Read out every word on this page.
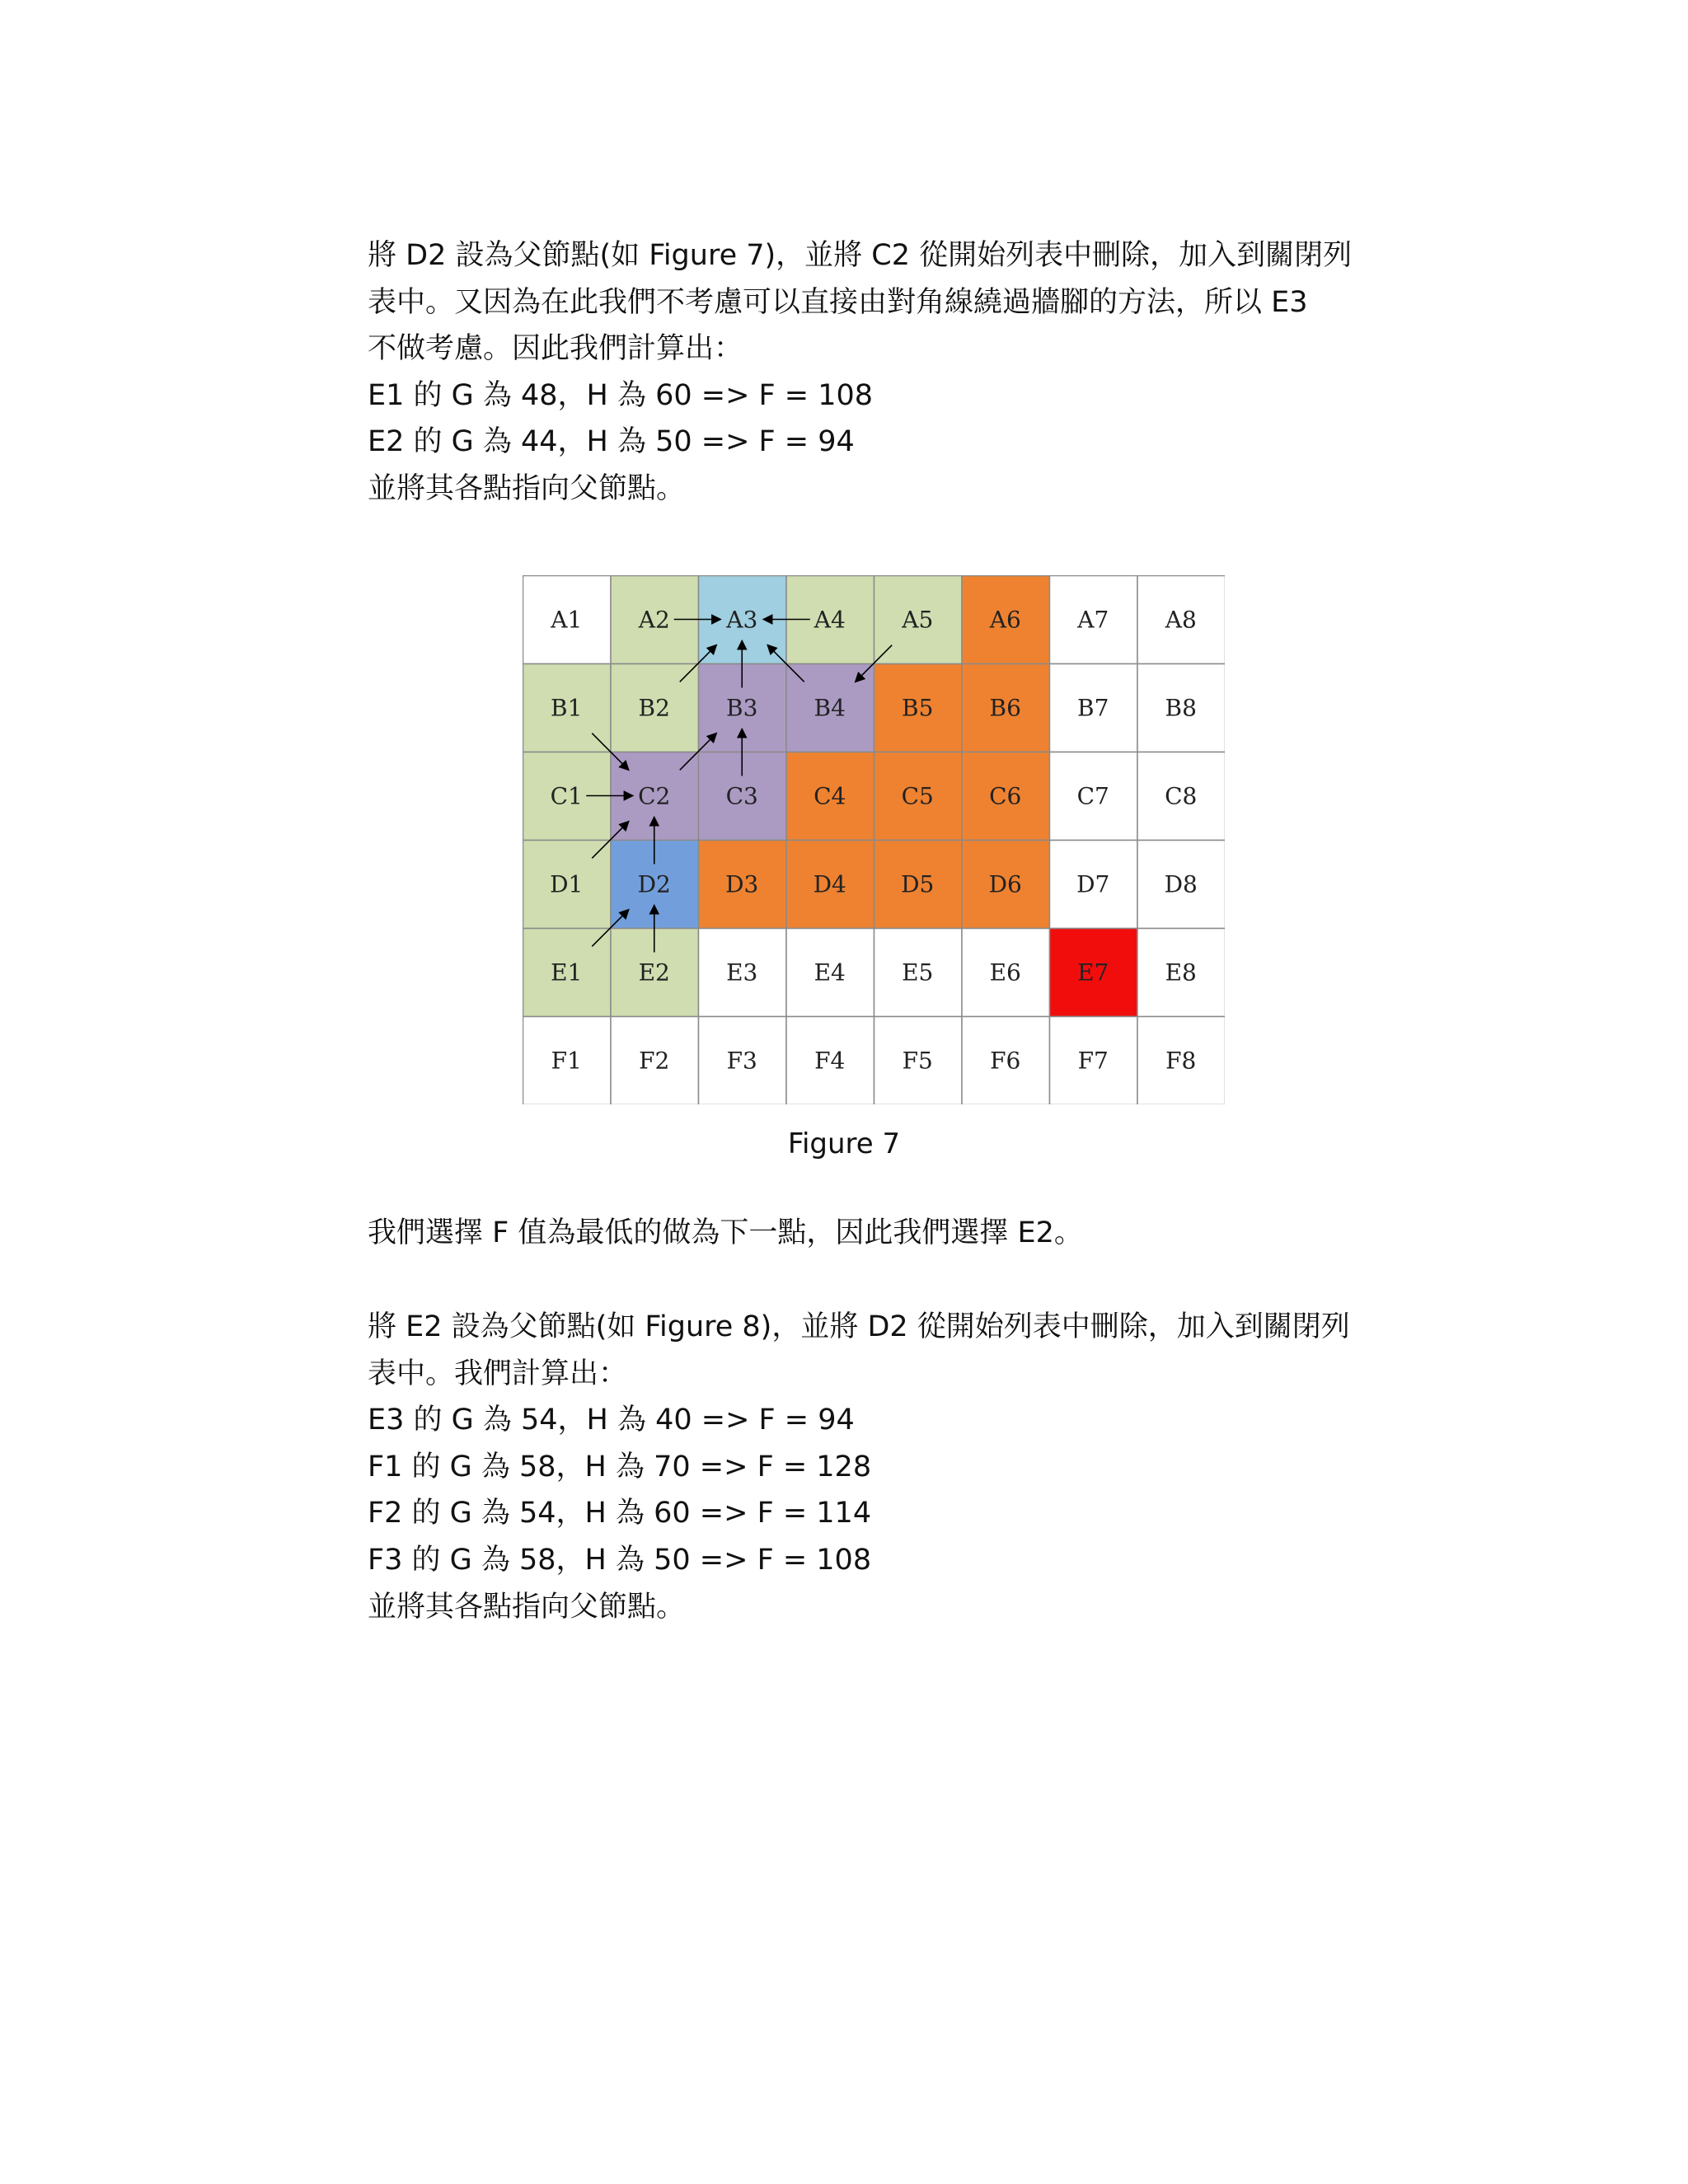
將 D2 設為父節點(如 Figure 7)，並將 C2 從開始列表中刪除，加入到關閉列
表中。又因為在此我們不考慮可以直接由對角線繞過牆腳的方法，所以 E3
不做考慮。因此我們計算出：
E1 的 G 為 48，H 為 60 => F = 108
E2 的 G 為 44，H 為 50 => F = 94
並將其各點指向父節點。
A1 A2 A3 A4 A5 A6 A7 A8
B1 B2 B3 B4 B5 B6 B7 B8
C1 C2 C3 C4 C5 C6 C7 C8
D1 D2 D3 D4 D5 D6 D7 D8
E1 E2 E3 E4 E5 E6 E7 E8
F1 F2 F3 F4 F5 F6 F7 F8
Figure 7
我們選擇 F 值為最低的做為下一點，因此我們選擇 E2。
將 E2 設為父節點(如 Figure 8)，並將 D2 從開始列表中刪除，加入到關閉列
表中。我們計算出：
E3 的 G 為 54，H 為 40 => F = 94
F1 的 G 為 58，H 為 70 => F = 128
F2 的 G 為 54，H 為 60 => F = 114
F3 的 G 為 58，H 為 50 => F = 108
並將其各點指向父節點。
